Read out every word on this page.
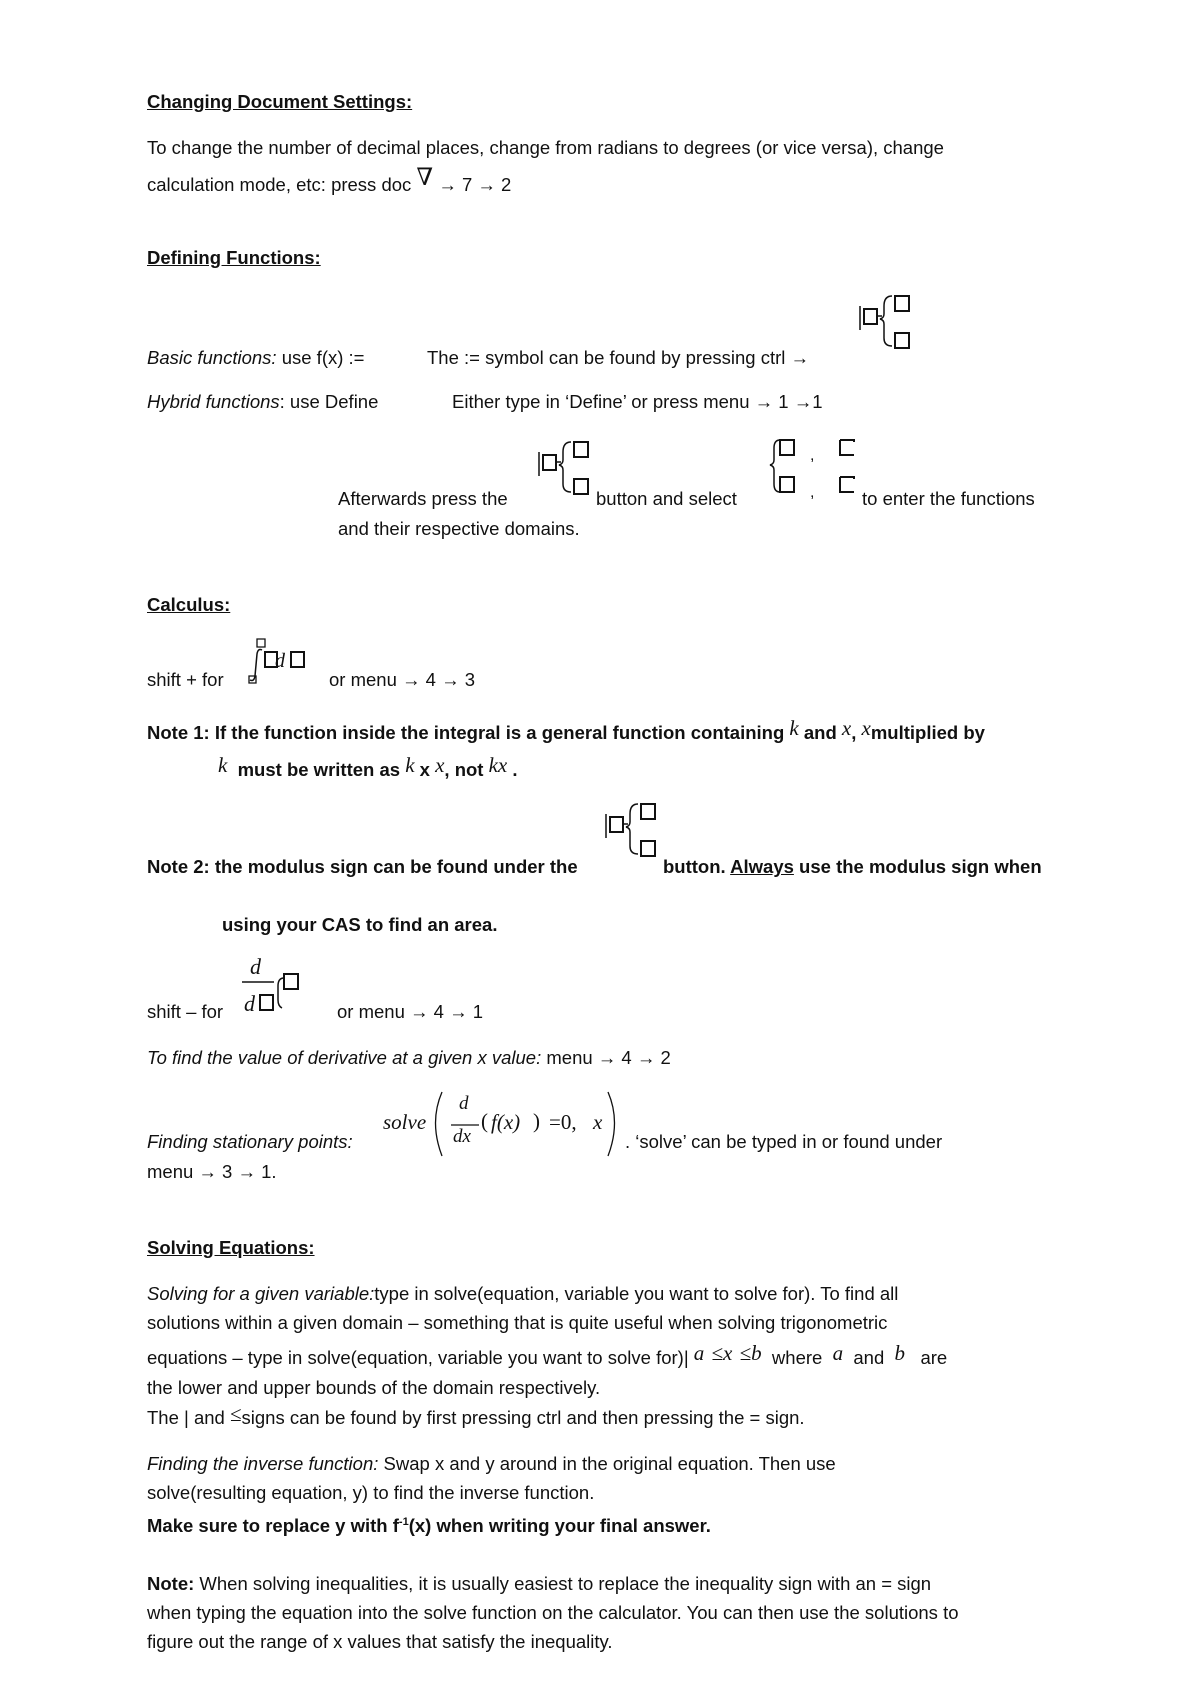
Changing Document Settings:
To change the number of decimal places, change from radians to degrees (or vice versa), change
calculation mode, etc: press doc ∇ → 7 → 2
Defining Functions:
Basic functions: use f(x) :=	The := symbol can be found by pressing ctrl →
Hybrid functions: use Define	Either type in ‘Define’ or press menu → 1 →1
,
,
Afterwards press the	button and select	to enter the functions
and their respective domains.
Calculus:
d
shift + for	or menu → 4 → 3
Note 1: If the function inside the integral is a general function containing k and x, xmultiplied by
k must be written as k x x, not kx .
Note 2: the modulus sign can be found under the	button. Always use the modulus sign when
using your CAS to find an area.
d
d
shift – for	or menu → 4 → 1
To find the value of derivative at a given x value: menu → 4 → 2
solve
d
dx
( f(x) ) =0, x
Finding stationary points:	. ‘solve’ can be typed in or found under
menu → 3 → 1.
Solving Equations:
Solving for a given variable:type in solve(equation, variable you want to solve for). To find all
solutions within a given domain – something that is quite useful when solving trigonometric
equations – type in solve(equation, variable you want to solve for)| a ≤x ≤b where a and b are
the lower and upper bounds of the domain respectively.
The | and ≤signs can be found by first pressing ctrl and then pressing the = sign.
Finding the inverse function: Swap x and y around in the original equation. Then use
solve(resulting equation, y) to find the inverse function.
Make sure to replace y with $f^{-1}(x)$ when writing your final answer.
Note: When solving inequalities, it is usually easiest to replace the inequality sign with an = sign
when typing the equation into the solve function on the calculator. You can then use the solutions to
figure out the range of x values that satisfy the inequality.
